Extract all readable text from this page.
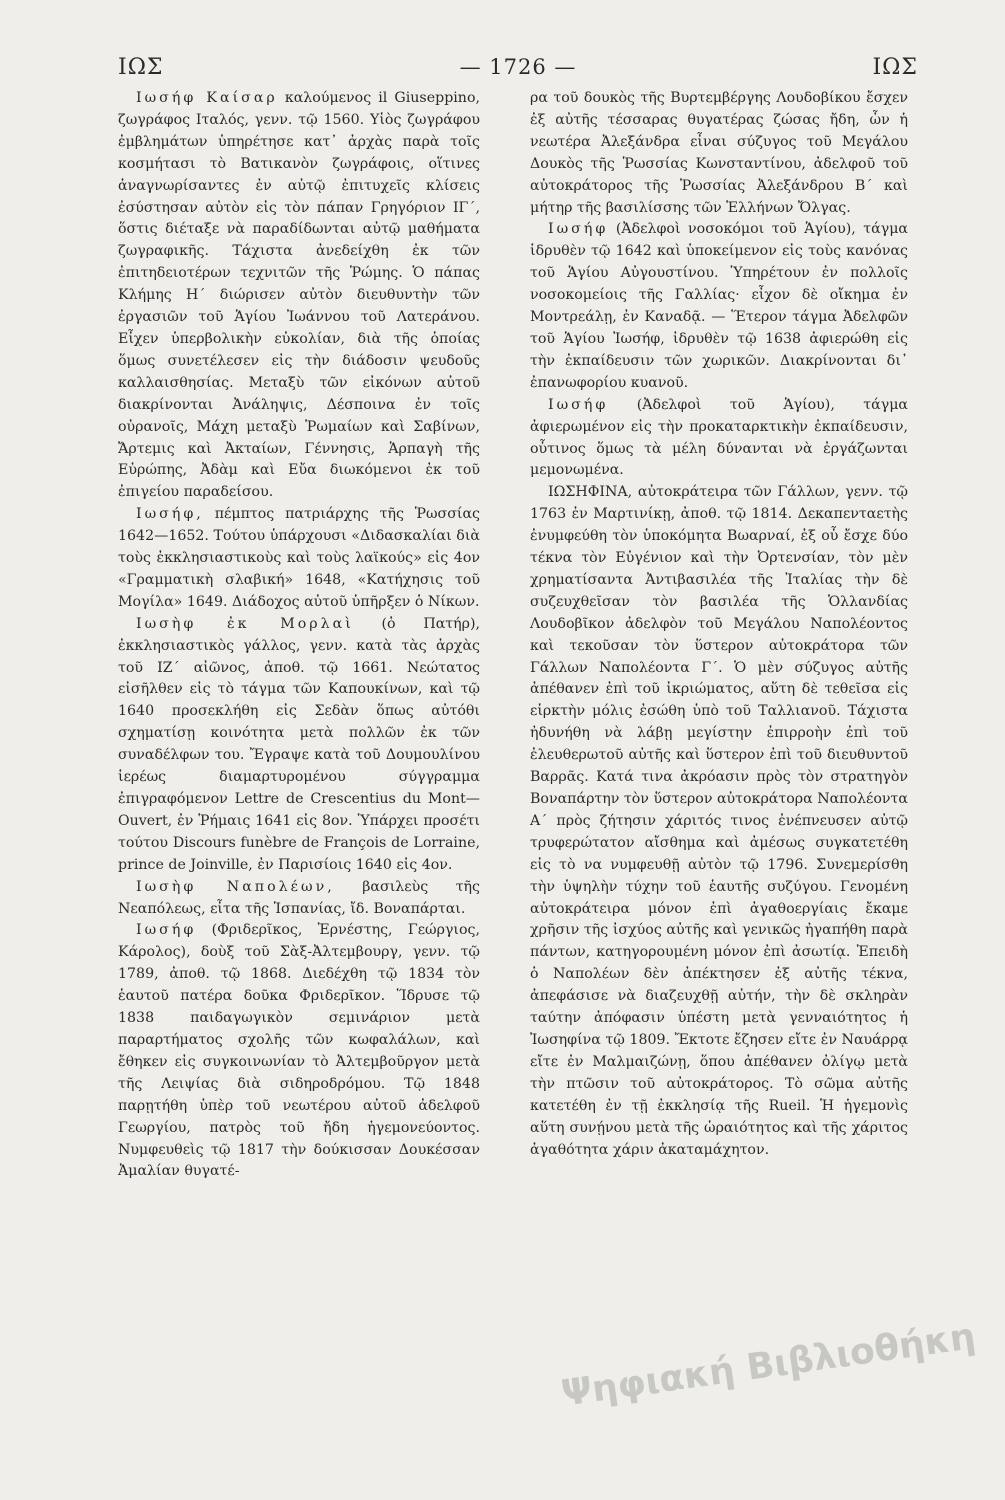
ΙΩΣ	— 1726 —	ΙΩΣ

Ιωσήφ Καίσαρ καλούμενος il Giuseppino, ζωγράφος Ιταλός, γενν. τῷ 1560. Υἱὸς ζωγράφου ἐμβλημάτων ὑπηρέτησε κατ᾽ ἀρχὰς παρὰ τοῖς κοσμήτασι τὸ Βατικανὸν ζωγράφοις, οἵτινες ἀναγνωρίσαντες ἐν αὐτῷ ἐπιτυχεῖς κλίσεις ἐσύστησαν αὐτὸν εἰς τὸν πάπαν Γρηγόριον ΙΓ´, ὅστις διέταξε νὰ παραδίδωνται αὐτῷ μαθήματα ζωγραφικῆς. Τάχιστα ἀνεδείχθη ἐκ τῶν ἐπιτηδειοτέρων τεχνιτῶν τῆς Ῥώμης. Ὁ πάπας Κλήμης Η´ διώρισεν αὐτὸν διευθυντὴν τῶν ἐργασιῶν τοῦ Ἁγίου Ἰωάννου τοῦ Λατεράνου. Εἶχεν ὑπερβολικὴν εὐκολίαν, διὰ τῆς ὁποίας ὅμως συνετέλεσεν εἰς τὴν διάδοσιν ψευδοῦς καλλαισθησίας. Μεταξὺ τῶν εἰκόνων αὐτοῦ διακρίνονται Ἀνάληψις, Δέσποινα ἐν τοῖς οὐρανοῖς, Μάχη μεταξὺ Ῥωμαίων καὶ Σαβίνων, Ἄρτεμις καὶ Ἀκταίων, Γέννησις, Ἁρπαγὴ τῆς Εὐρώπης, Ἀδὰμ καὶ Εὔα διωκόμενοι ἐκ τοῦ ἐπιγείου παραδείσου.

Ιωσήφ, πέμπτος πατριάρχης τῆς Ῥωσσίας 1642—1652. Τούτου ὑπάρχουσι «Διδασκαλίαι διὰ τοὺς ἐκκλησιαστικοὺς καὶ τοὺς λαϊκούς» εἰς 4ον «Γραμματικὴ σλαβική» 1648, «Κατήχησις τοῦ Μογίλα» 1649. Διάδοχος αὐτοῦ ὑπῆρξεν ὁ Νίκων.

Ιωσὴφ ἐκ Μορλαὶ (ὁ Πατήρ), ἐκκλησιαστικὸς γάλλος, γενν. κατὰ τὰς ἀρχὰς τοῦ ΙΖ´ αἰῶνος, ἀποθ. τῷ 1661. Νεώτατος εἰσῆλθεν εἰς τὸ τάγμα τῶν Καπουκίνων, καὶ τῷ 1640 προσεκλήθη εἰς Σεδὰν ὅπως αὐτόθι σχηματίσῃ κοινότητα μετὰ πολλῶν ἐκ τῶν συναδέλφων του. Ἔγραψε κατὰ τοῦ Δουμουλίνου ἱερέως διαμαρτυρομένου σύγγραμμα ἐπιγραφόμενον Lettre de Crescentius du Mont—Ouvert, ἐν Ῥήμαις 1641 εἰς 8ον. Ὑπάρχει προσέτι τούτου Discours funèbre de François de Lorraine, prince de Joinville, ἐν Παρισίοις 1640 εἰς 4ον.

Ιωσὴφ Ναπολέων, βασιλεὺς τῆς Νεαπόλεως, εἶτα τῆς Ἱσπανίας, ἴδ. Βοναπάρται.

Ιωσήφ (Φριδερῖκος, Ἐρνέστης, Γεώργιος, Κάρολος), δοὺξ τοῦ Σὰξ-Ἀλτεμβουργ, γενν. τῷ 1789, ἀποθ. τῷ 1868. Διεδέχθη τῷ 1834 τὸν ἑαυτοῦ πατέρα δοῦκα Φριδερῖκον. Ἵδρυσε τῷ 1838 παιδαγωγικὸν σεμινάριον μετὰ παραρτήματος σχολῆς τῶν κωφαλάλων, καὶ ἔθηκεν εἰς συγκοινωνίαν τὸ Ἀλτεμβοῦργον μετὰ τῆς Λειψίας διὰ σιδηροδρόμου. Τῷ 1848 παρῃτήθη ὑπὲρ τοῦ νεωτέρου αὐτοῦ ἀδελφοῦ Γεωργίου, πατρὸς τοῦ ἤδη ἡγεμονεύοντος. Νυμφευθεὶς τῷ 1817 τὴν δούκισσαν Δουκέσσαν Ἀμαλίαν θυγατέ-

ρα τοῦ δουκὸς τῆς Βυρτεμβέργης Λουδοβίκου ἔσχεν ἐξ αὐτῆς τέσσαρας θυγατέρας ζώσας ἤδη, ὧν ἡ νεωτέρα Ἀλεξάνδρα εἶναι σύζυγος τοῦ Μεγάλου Δουκὸς τῆς Ῥωσσίας Κωνσταντίνου, ἀδελφοῦ τοῦ αὐτοκράτορος τῆς Ῥωσσίας Ἀλεξάνδρου Β´ καὶ μήτηρ τῆς βασιλίσσης τῶν Ἑλλήνων Ὄλγας.

Ιωσήφ (Ἀδελφοὶ νοσοκόμοι τοῦ Ἁγίου), τάγμα ἱδρυθὲν τῷ 1642 καὶ ὑποκείμενον εἰς τοὺς κανόνας τοῦ Ἁγίου Αὐγουστίνου. Ὑπηρέτουν ἐν πολλοῖς νοσοκομείοις τῆς Γαλλίας· εἶχον δὲ οἴκημα ἐν Μοντρεάλῃ, ἐν Καναδᾷ. — Ἕτερον τάγμα Ἀδελφῶν τοῦ Ἁγίου Ἰωσήφ, ἱδρυθὲν τῷ 1638 ἀφιερώθη εἰς τὴν ἐκπαίδευσιν τῶν χωρικῶν. Διακρίνονται δι᾽ ἐπανωφορίου κυανοῦ.

Ιωσήφ (Ἀδελφοὶ τοῦ Ἁγίου), τάγμα ἀφιερωμένον εἰς τὴν προκαταρκτικὴν ἐκπαίδευσιν, οὗτινος ὅμως τὰ μέλη δύνανται νὰ ἐργάζωνται μεμονωμένα.

ΙΩΣΗΦΙΝΑ, αὐτοκράτειρα τῶν Γάλλων, γενν. τῷ 1763 ἐν Μαρτινίκῃ, ἀποθ. τῷ 1814. Δεκαπενταετὴς ἐνυμφεύθη τὸν ὑποκόμητα Βωαρναί, ἐξ οὗ ἔσχε δύο τέκνα τὸν Εὐγένιον καὶ τὴν Ὀρτενσίαν, τὸν μὲν χρηματίσαντα Ἀντιβασιλέα τῆς Ἰταλίας τὴν δὲ συζευχθεῖσαν τὸν βασιλέα τῆς Ὁλλανδίας Λουδοβῖκον ἀδελφὸν τοῦ Μεγάλου Ναπολέοντος καὶ τεκοῦσαν τὸν ὕστερον αὐτοκράτορα τῶν Γάλλων Ναπολέοντα Γ´. Ὁ μὲν σύζυγος αὐτῆς ἀπέθανεν ἐπὶ τοῦ ἰκριώματος, αὕτη δὲ τεθεῖσα εἰς εἱρκτὴν μόλις ἐσώθη ὑπὸ τοῦ Ταλλιανοῦ. Τάχιστα ἠδυνήθη νὰ λάβῃ μεγίστην ἐπιρροὴν ἐπὶ τοῦ ἐλευθερωτοῦ αὐτῆς καὶ ὕστερον ἐπὶ τοῦ διευθυντοῦ Βαρρᾶς. Κατά τινα ἀκρόασιν πρὸς τὸν στρατηγὸν Βοναπάρτην τὸν ὕστερον αὐτοκράτορα Ναπολέοντα Α´ πρὸς ζήτησιν χάριτός τινος ἐνέπνευσεν αὐτῷ τρυφερώτατον αἴσθημα καὶ ἀμέσως συγκατετέθη εἰς τὸ να νυμφευθῇ αὐτὸν τῷ 1796. Συνεμερίσθη τὴν ὑψηλὴν τύχην τοῦ ἑαυτῆς συζύγου. Γενομένη αὐτοκράτειρα μόνον ἐπὶ ἀγαθοεργίαις ἔκαμε χρῆσιν τῆς ἰσχύος αὐτῆς καὶ γενικῶς ἠγαπήθη παρὰ πάντων, κατηγορουμένη μόνον ἐπὶ ἀσωτίᾳ. Ἐπειδὴ ὁ Ναπολέων δὲν ἀπέκτησεν ἐξ αὐτῆς τέκνα, ἀπεφάσισε νὰ διαζευχθῇ αὐτήν, τὴν δὲ σκληρὰν ταύτην ἀπόφασιν ὑπέστη μετὰ γενναιότητος ἡ Ἰωσηφίνα τῷ 1809. Ἔκτοτε ἔζησεν εἴτε ἐν Ναυάρρᾳ εἴτε ἐν Μαλμαιζώνῃ, ὅπου ἀπέθανεν ὀλίγῳ μετὰ τὴν πτῶσιν τοῦ αὐτοκράτορος. Τὸ σῶμα αὐτῆς κατετέθη ἐν τῇ ἐκκλησίᾳ τῆς Rueil. Ἡ ἡγεμονὶς αὕτη συνῄνου μετὰ τῆς ὡραιότητος καὶ τῆς χάριτος ἀγαθότητα χάριν ἀκαταμάχητον.

Ψηφιακή Βιβλιοθήκη
